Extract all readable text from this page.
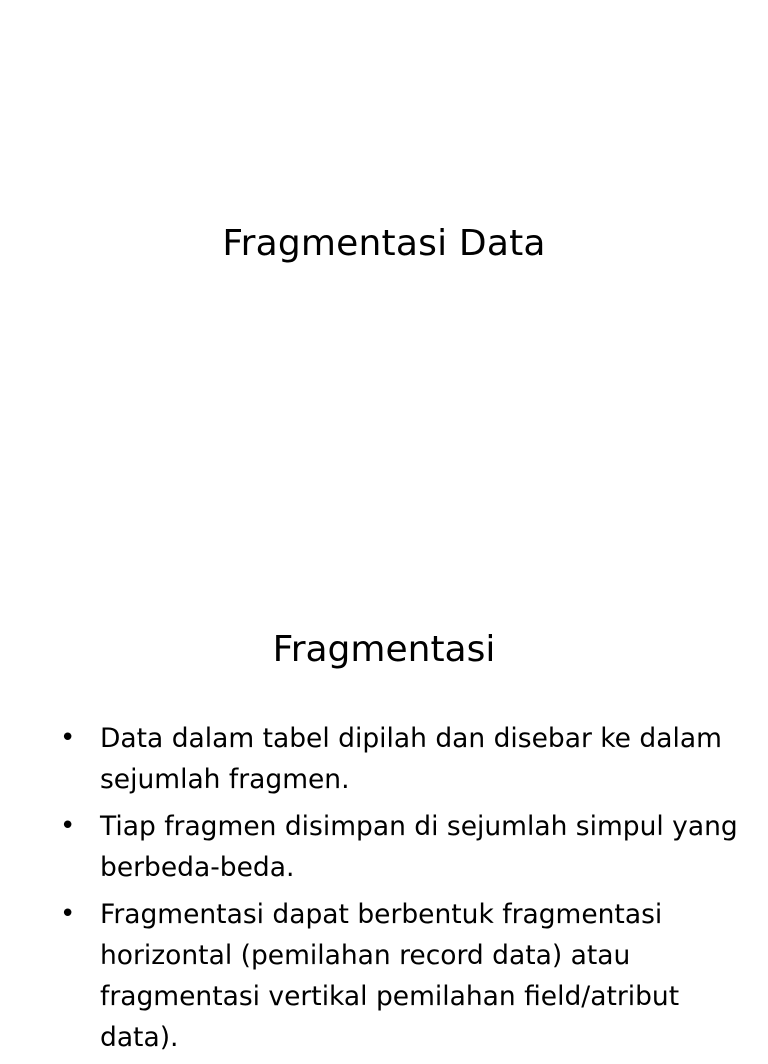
Fragmentasi Data
Fragmentasi
• Data dalam tabel dipilah dan disebar ke dalam sejumlah fragmen.
• Tiap fragmen disimpan di sejumlah simpul yang berbeda-beda.
• Fragmentasi dapat berbentuk fragmentasi horizontal (pemilahan record data) atau fragmentasi vertikal pemilahan field/atribut data).
